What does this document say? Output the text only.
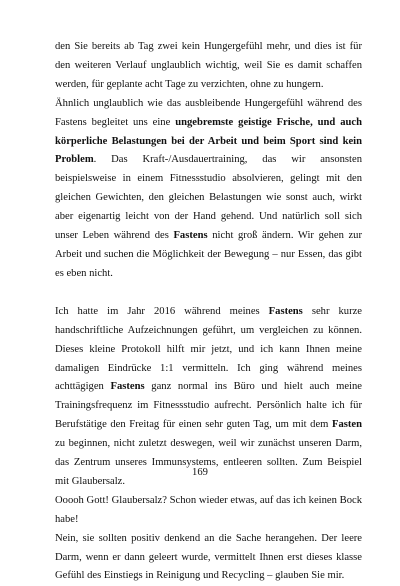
den Sie bereits ab Tag zwei kein Hungergefühl mehr, und dies ist für den weiteren Verlauf unglaublich wichtig, weil Sie es damit schaffen werden, für geplante acht Tage zu verzichten, ohne zu hungern.

Ähnlich unglaublich wie das ausbleibende Hungergefühl während des Fastens begleitet uns eine ungebremste geistige Frische, und auch körperliche Belastungen bei der Arbeit und beim Sport sind kein Problem. Das Kraft-/Ausdauertraining, das wir ansonsten beispielsweise in einem Fitnessstudio absolvieren, gelingt mit den gleichen Gewichten, den gleichen Belastungen wie sonst auch, wirkt aber eigenartig leicht von der Hand gehend. Und natürlich soll sich unser Leben während des Fastens nicht groß ändern. Wir gehen zur Arbeit und suchen die Möglichkeit der Bewegung – nur Essen, das gibt es eben nicht.

Ich hatte im Jahr 2016 während meines Fastens sehr kurze handschriftliche Aufzeichnungen geführt, um vergleichen zu können. Dieses kleine Protokoll hilft mir jetzt, und ich kann Ihnen meine damaligen Eindrücke 1:1 vermitteln. Ich ging während meines achttägigen Fastens ganz normal ins Büro und hielt auch meine Trainingsfrequenz im Fitnessstudio aufrecht. Persönlich halte ich für Berufstätige den Freitag für einen sehr guten Tag, um mit dem Fasten zu beginnen, nicht zuletzt deswegen, weil wir zunächst unseren Darm, das Zentrum unseres Immunsystems, entleeren sollten. Zum Beispiel mit Glaubersalz.

Ooooh Gott! Glaubersalz? Schon wieder etwas, auf das ich keinen Bock habe!

Nein, sie sollten positiv denkend an die Sache herangehen. Der leere Darm, wenn er dann geleert wurde, vermittelt Ihnen erst dieses klasse Gefühl des Einstiegs in Reinigung und Recycling – glauben Sie mir.

169
